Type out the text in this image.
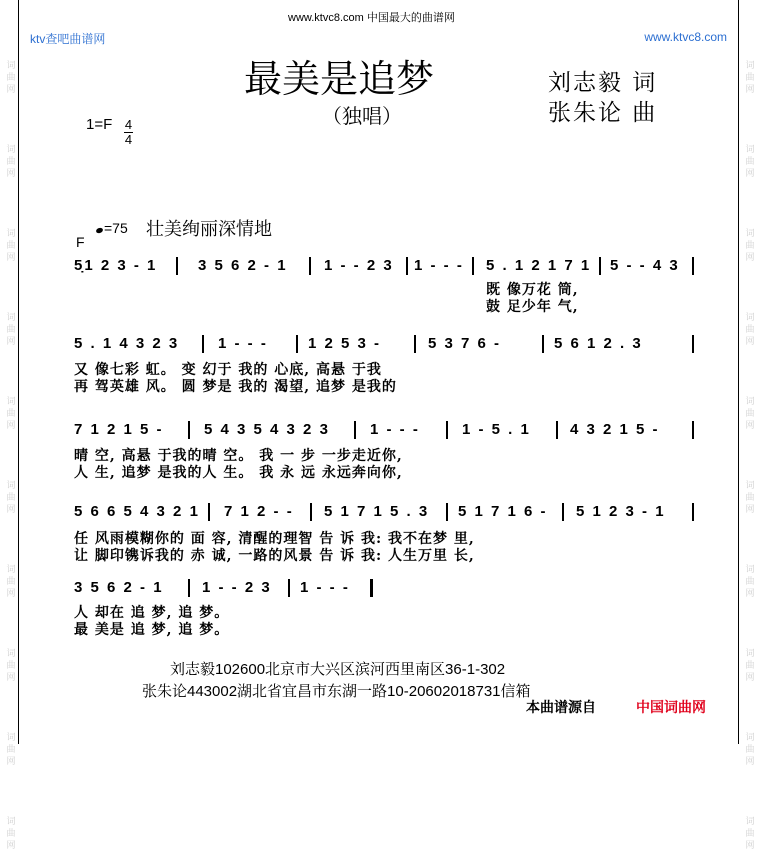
词曲网
词曲网
词曲网
词曲网
词曲网
词曲网
词曲网
词曲网
词曲网
词曲网
词曲网
词曲网
词曲网
词曲网
词曲网
词曲网
词曲网
词曲网
词曲网
词曲网
www.ktvc8.com 中国最大的曲谱网
ktv查吧曲谱网	www.ktvc8.com
最美是追梦
（独唱）
刘志毅 词
张朱论 曲
1=F 4
4
=75 壮美绚丽深情地
F
5̣1 2 3 - 1	3 5 6 2 - 1 1 - - 2 3 1 - - - 5 . 1 2 1 7 1 5 - - 4 3
既 像万花 筒,
鼓 足少年 气,
5 . 1 4 3 2 3	1 - - -	1 2 5 3 -	5 3 7 6 -	5 6 1 2 . 3
又 像七彩 虹。 变 幻于 我的 心底, 高悬 于我
再 驾英雄 风。 圆 梦是 我的 渴望, 追梦 是我的
7 1 2 1 5 -	5 4 3 5 4 3 2 3	1 - - -	1 - 5 . 1	4 3 2 1 5 -
晴 空, 高悬 于我的晴 空。 我 一 步 一步走近你,
人 生, 追梦 是我的人 生。 我 永 远 永远奔向你,
5 6 6 5 4 3 2 1 7 1 2 - - 5 1 7 1 5 . 3 5 1 7 1 6 - 5 1 2 3 - 1
任 风雨模糊你的 面 容, 清醒的理智 告 诉 我: 我不在梦 里,
让 脚印镌诉我的 赤 诚, 一路的风景 告 诉 我: 人生万里 长,
3 5 6 2 - 1	1 - - 2 3 1 - - -
人 却在 追 梦, 追 梦。
最 美是 追 梦, 追 梦。
刘志毅102600北京市大兴区滨河西里南区36-1-302
张朱论443002湖北省宜昌市东湖一路10-20602018731信箱
本曲谱源自	中国词曲网
